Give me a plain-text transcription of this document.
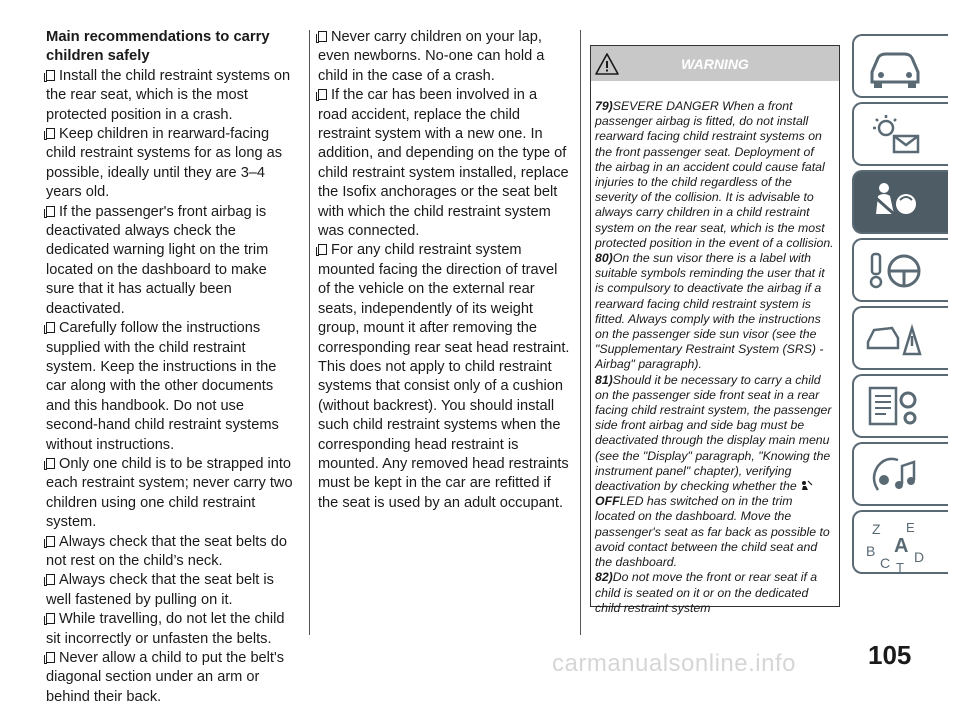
Main recommendations to carry children safely

Install the child restraint systems on the rear seat, which is the most protected position in a crash.

Keep children in rearward-facing child restraint systems for as long as possible, ideally until they are 3–4 years old.

If the passenger's front airbag is deactivated always check the dedicated warning light on the trim located on the dashboard to make sure that it has actually been deactivated.

Carefully follow the instructions supplied with the child restraint system. Keep the instructions in the car along with the other documents and this handbook. Do not use second-hand child restraint systems without instructions.

Only one child is to be strapped into each restraint system; never carry two children using one child restraint system.

Always check that the seat belts do not rest on the child’s neck.

Always check that the seat belt is well fastened by pulling on it.

While travelling, do not let the child sit incorrectly or unfasten the belts.

Never allow a child to put the belt's diagonal section under an arm or behind their back.

Never carry children on your lap, even newborns. No-one can hold a child in the case of a crash.

If the car has been involved in a road accident, replace the child restraint system with a new one. In addition, and depending on the type of child restraint system installed, replace the Isofix anchorages or the seat belt with which the child restraint system was connected.

For any child restraint system mounted facing the direction of travel of the vehicle on the external rear seats, independently of its weight group, mount it after removing the corresponding rear seat head restraint. This does not apply to child restraint systems that consist only of a cushion (without backrest). You should install such child restraint systems when the corresponding head restraint is mounted. Any removed head restraints must be kept in the car are refitted if the seat is used by an adult occupant.

WARNING

79)SEVERE DANGER When a front passenger airbag is fitted, do not install rearward facing child restraint systems on the front passenger seat. Deployment of the airbag in an accident could cause fatal injuries to the child regardless of the severity of the collision. It is advisable to always carry children in a child restraint system on the rear seat, which is the most protected position in the event of a collision.

80)On the sun visor there is a label with suitable symbols reminding the user that it is compulsory to deactivate the airbag if a rearward facing child restraint system is fitted. Always comply with the instructions on the passenger side sun visor (see the "Supplementary Restraint System (SRS) - Airbag" paragraph).

81)Should it be necessary to carry a child on the passenger side front seat in a rear facing child restraint system, the passenger side front airbag and side bag must be deactivated through the display main menu (see the "Display" paragraph, "Knowing the instrument panel" chapter), verifying deactivation by checking whether the OFFLED has switched on in the trim located on the dashboard. Move the passenger's seat as far back as possible to avoid contact between the child seat and the dashboard.

82)Do not move the front or rear seat if a child is seated on it or on the dedicated child restraint system

Z E
B A
C T
D
carmanualsonline.info	105
